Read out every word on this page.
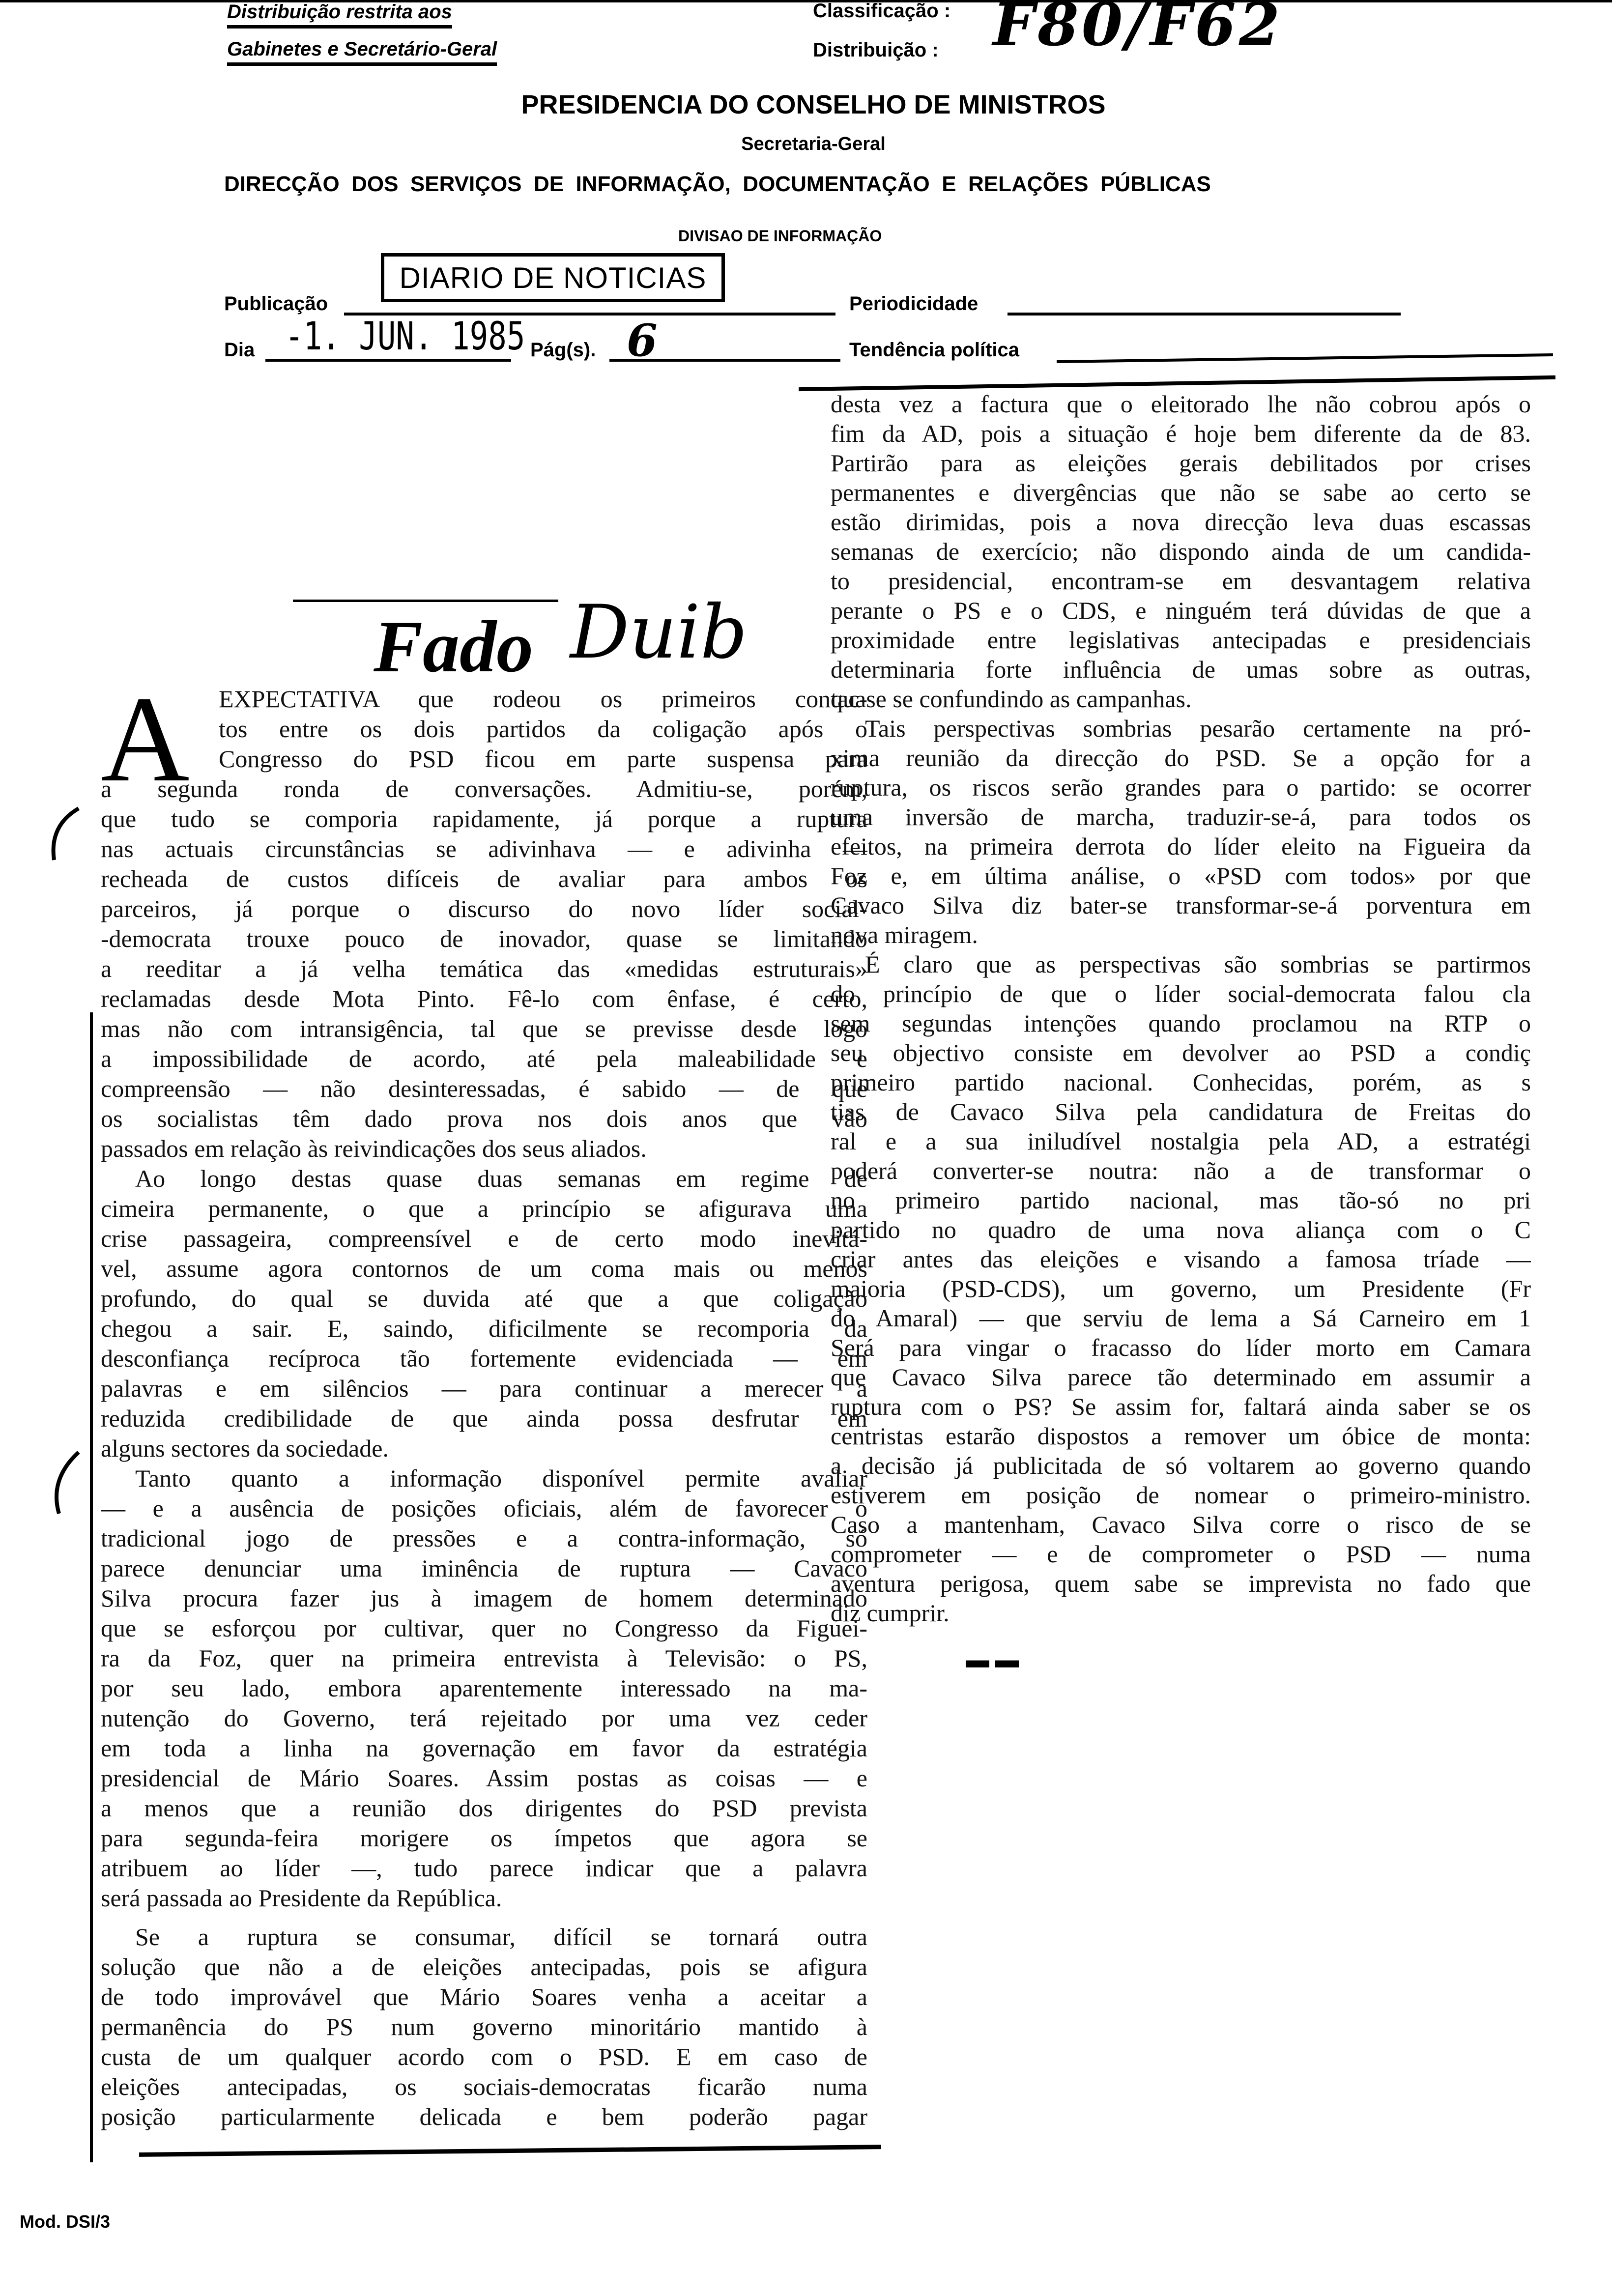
Distribuição restrita aos
Gabinetes e Secretário-Geral
Classificação :
Distribuição : F80/F62
PRESIDENCIA DO CONSELHO DE MINISTROS
Secretaria-Geral
DIRECÇÃO  DOS  SERVIÇOS  DE  INFORMAÇÃO,  DOCUMENTAÇÃO  E  RELAÇÕES  PÚBLICAS
DIVISAO DE INFORMAÇÃO
Publicação
DIARIO DE NOTICIAS
Periodicidade
Dia -1. JUN. 1985 Pág(s). 6	Tendência política
Fado Duib
A	EXPECTATIVA que rodeou os primeiros contac-
tos entre os dois partidos da coligação após o
Congresso do PSD ficou em parte suspensa para
a segunda ronda de conversações. Admitiu-se, porém,
que tudo se comporia rapidamente, já porque a ruptura
nas actuais circunstâncias se adivinhava — e adivinha —
recheada de custos difíceis de avaliar para ambos os
parceiros, já porque o discurso do novo líder social-
-democrata trouxe pouco de inovador, quase se limitando
a reeditar a já velha temática das «medidas estruturais»
reclamadas desde Mota Pinto. Fê-lo com ênfase, é certo,
mas não com intransigência, tal que se previsse desde logo
a impossibilidade de acordo, até pela maleabilidade e
compreensão — não desinteressadas, é sabido — de que
os socialistas têm dado prova nos dois anos que vão
passados em relação às reivindicações dos seus aliados.
Ao longo destas quase duas semanas em regime de
cimeira permanente, o que a princípio se afigurava uma
crise passageira, compreensível e de certo modo inevitá-
vel, assume agora contornos de um coma mais ou menos
profundo, do qual se duvida até que a que coligação
chegou a sair. E, saindo, dificilmente se recomporia da
desconfiança recíproca tão fortemente evidenciada — em
palavras e em silêncios — para continuar a merecer a
reduzida credibilidade de que ainda possa desfrutar em
alguns sectores da sociedade.
Tanto quanto a informação disponível permite avaliar
— e a ausência de posições oficiais, além de favorecer o
tradicional jogo de pressões e a contra-informação, só
parece denunciar uma iminência de ruptura — Cavaco
Silva procura fazer jus à imagem de homem determinado
que se esforçou por cultivar, quer no Congresso da Figuei-
ra da Foz, quer na primeira entrevista à Televisão: o PS,
por seu lado, embora aparentemente interessado na ma-
nutenção do Governo, terá rejeitado por uma vez ceder
em toda a linha na governação em favor da estratégia
presidencial de Mário Soares. Assim postas as coisas — e
a menos que a reunião dos dirigentes do PSD prevista
para segunda-feira morigere os ímpetos que agora se
atribuem ao líder —, tudo parece indicar que a palavra
será passada ao Presidente da República.
Se a ruptura se consumar, difícil se tornará outra
solução que não a de eleições antecipadas, pois se afigura
de todo improvável que Mário Soares venha a aceitar a
permanência do PS num governo minoritário mantido à
custa de um qualquer acordo com o PSD. E em caso de
eleições antecipadas, os sociais-democratas ficarão numa
posição particularmente delicada e bem poderão pagar
desta vez a factura que o eleitorado lhe não cobrou após o
fim da AD, pois a situação é hoje bem diferente da de 83.
Partirão para as eleições gerais debilitados por crises
permanentes e divergências que não se sabe ao certo se
estão dirimidas, pois a nova direcção leva duas escassas
semanas de exercício; não dispondo ainda de um candida-
to presidencial, encontram-se em desvantagem relativa
perante o PS e o CDS, e ninguém terá dúvidas de que a
proximidade entre legislativas antecipadas e presidenciais
determinaria forte influência de umas sobre as outras,
quase se confundindo as campanhas.
Tais perspectivas sombrias pesarão certamente na pró-
xima reunião da direcção do PSD. Se a opção for a
ruptura, os riscos serão grandes para o partido: se ocorrer
uma inversão de marcha, traduzir-se-á, para todos os
efeitos, na primeira derrota do líder eleito na Figueira da
Foz e, em última análise, o «PSD com todos» por que
Cavaco Silva diz bater-se transformar-se-á porventura em
nova miragem.
É claro que as perspectivas são sombrias se partirmos
do princípio de que o líder social-democrata falou cla
sem segundas intenções quando proclamou na RTP o
seu objectivo consiste em devolver ao PSD a condiç
primeiro partido nacional. Conhecidas, porém, as s
tias de Cavaco Silva pela candidatura de Freitas do
ral e a sua iniludível nostalgia pela AD, a estratégi
poderá converter-se noutra: não a de transformar o
no primeiro partido nacional, mas tão-só no pri
partido no quadro de uma nova aliança com o C
criar antes das eleições e visando a famosa tríade —
maioria (PSD-CDS), um governo, um Presidente (Fr
do Amaral) — que serviu de lema a Sá Carneiro em 1
Será para vingar o fracasso do líder morto em Camara
que Cavaco Silva parece tão determinado em assumir a
ruptura com o PS? Se assim for, faltará ainda saber se os
centristas estarão dispostos a remover um óbice de monta:
a decisão já publicitada de só voltarem ao governo quando
estiverem em posição de nomear o primeiro-ministro.
Caso a mantenham, Cavaco Silva corre o risco de se
comprometer — e de comprometer o PSD — numa
aventura perigosa, quem sabe se imprevista no fado que
diz cumprir.
▬ ▬
Mod. DSI/3
